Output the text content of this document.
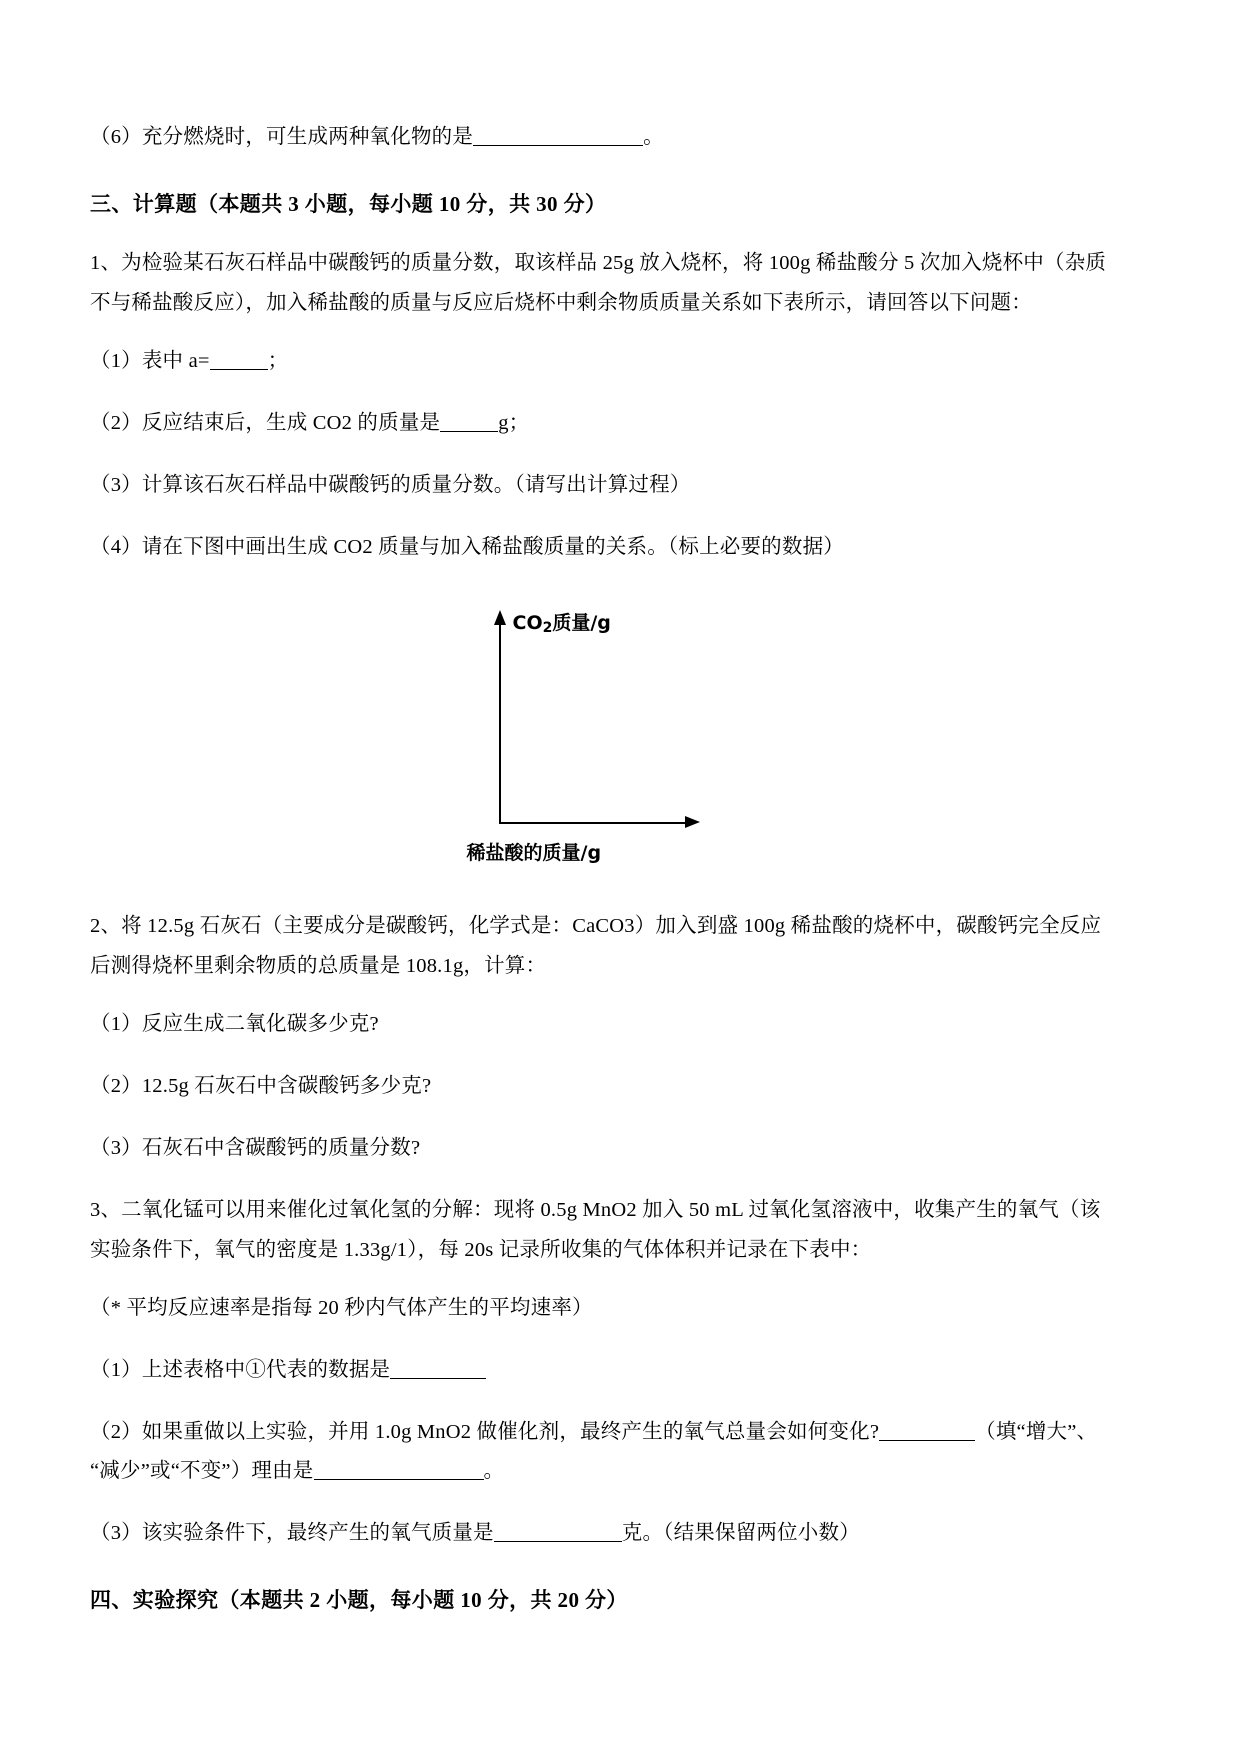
（6）充分燃烧时，可生成两种氧化物的是	。

三、计算题（本题共 3 小题，每小题 10 分，共 30 分）

1、为检验某石灰石样品中碳酸钙的质量分数，取该样品 25g 放入烧杯，将 100g 稀盐酸分 5 次加入烧杯中（杂质
不与稀盐酸反应），加入稀盐酸的质量与反应后烧杯中剩余物质质量关系如下表所示，请回答以下问题：

（1）表中 a=	；

（2）反应结束后，生成 CO2 的质量是	g；

（3）计算该石灰石样品中碳酸钙的质量分数。（请写出计算过程）

（4）请在下图中画出生成 CO2 质量与加入稀盐酸质量的关系。（标上必要的数据）

$CO_2$质量/g
稀盐酸的质量/g

2、将 12.5g 石灰石（主要成分是碳酸钙，化学式是：CaCO3）加入到盛 100g 稀盐酸的烧杯中，碳酸钙完全反应
后测得烧杯里剩余物质的总质量是 108.1g，计算：

（1）反应生成二氧化碳多少克?

（2）12.5g 石灰石中含碳酸钙多少克?

（3）石灰石中含碳酸钙的质量分数?

3、二氧化锰可以用来催化过氧化氢的分解：现将 0.5g MnO2 加入 50 mL 过氧化氢溶液中，收集产生的氧气（该
实验条件下，氧气的密度是 1.33g/1），每 20s 记录所收集的气体体积并记录在下表中：

（* 平均反应速率是指每 20 秒内气体产生的平均速率）

（1）上述表格中①代表的数据是

（2）如果重做以上实验，并用 1.0g MnO2 做催化剂，最终产生的氧气总量会如何变化?	（填“增大”、
“减少”或“不变”）理由是	。

（3）该实验条件下，最终产生的氧气质量是	克。（结果保留两位小数）

四、实验探究（本题共 2 小题，每小题 10 分，共 20 分）
